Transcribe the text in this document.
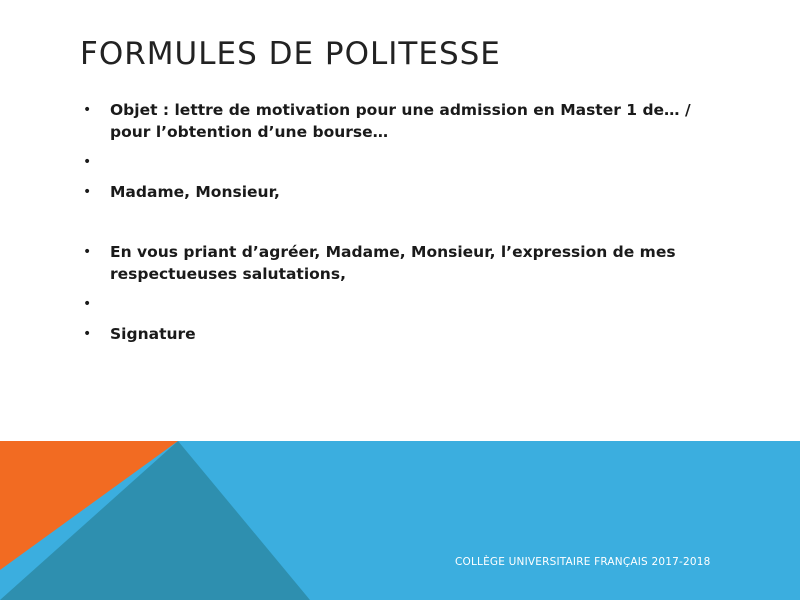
FORMULES DE POLITESSE
• Objet : lettre de motivation pour une admission en Master 1 de… / pour l’obtention d’une bourse…
•
• Madame, Monsieur,
• En vous priant d’agréer, Madame, Monsieur, l’expression de mes respectueuses salutations,
•
• Signature
COLLÈGE UNIVERSITAIRE FRANÇAIS 2017-2018
